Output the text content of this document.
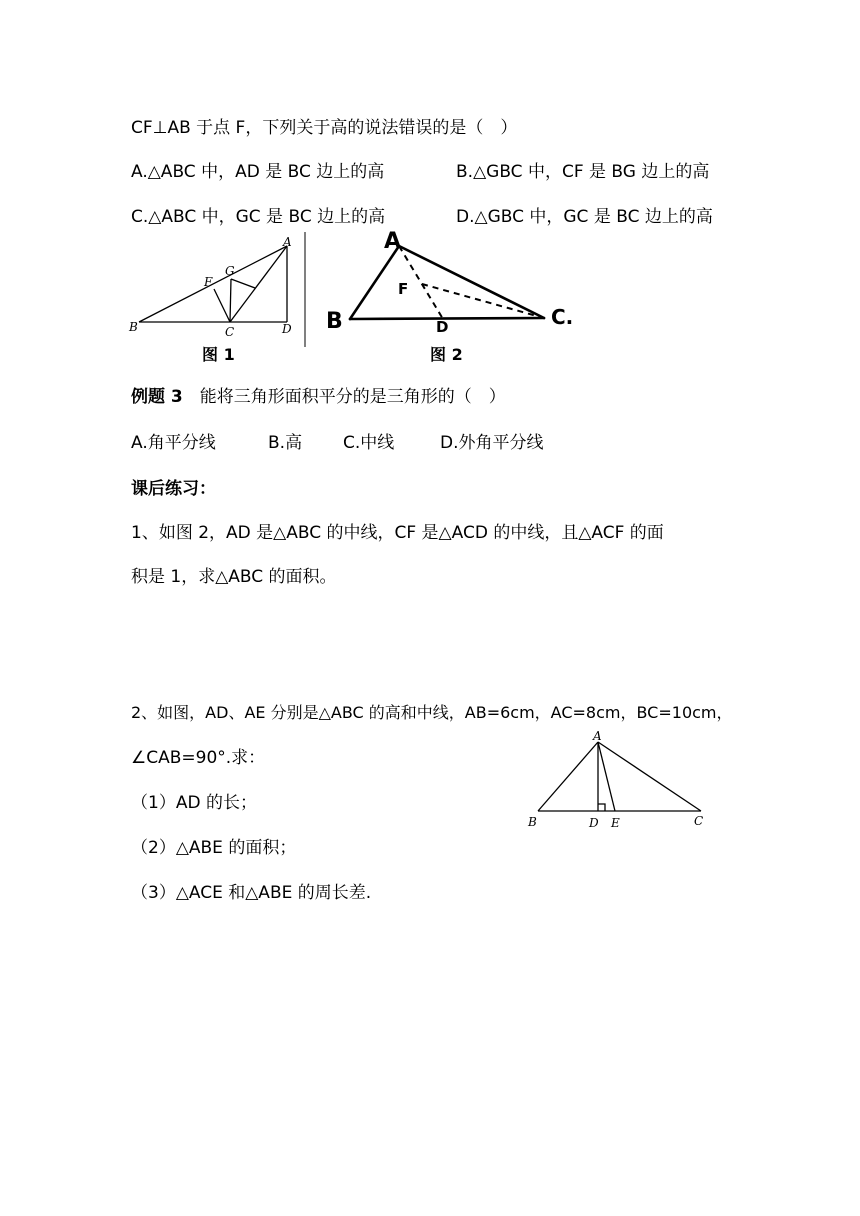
CF⊥AB 于点 F，下列关于高的说法错误的是（　）
A.△ABC 中，AD 是 BC 边上的高	B.△GBC 中，CF 是 BG 边上的高
C.△ABC 中，GC 是 BC 边上的高	D.△GBC 中，GC 是 BC 边上的高
A
B	C	D
F
G
图 1
A
B	C.
D
F
图 2
例题 3　 能将三角形面积平分的是三角形的（　）
A.角平分线	B.高 C.中线	D.外角平分线
课后练习：
1、如图 2，AD 是△ABC 的中线，CF 是△ACD 的中线，且△ACF 的面
积是 1，求△ABC 的面积。
2、如图，AD、AE 分别是△ABC 的高和中线，AB=6cm，AC=8cm，BC=10cm，
∠CAB=90°.求：
（1）AD 的长；
（2）△ABE 的面积；
（3）△ACE 和△ABE 的周长差.
A
B	C
D E
